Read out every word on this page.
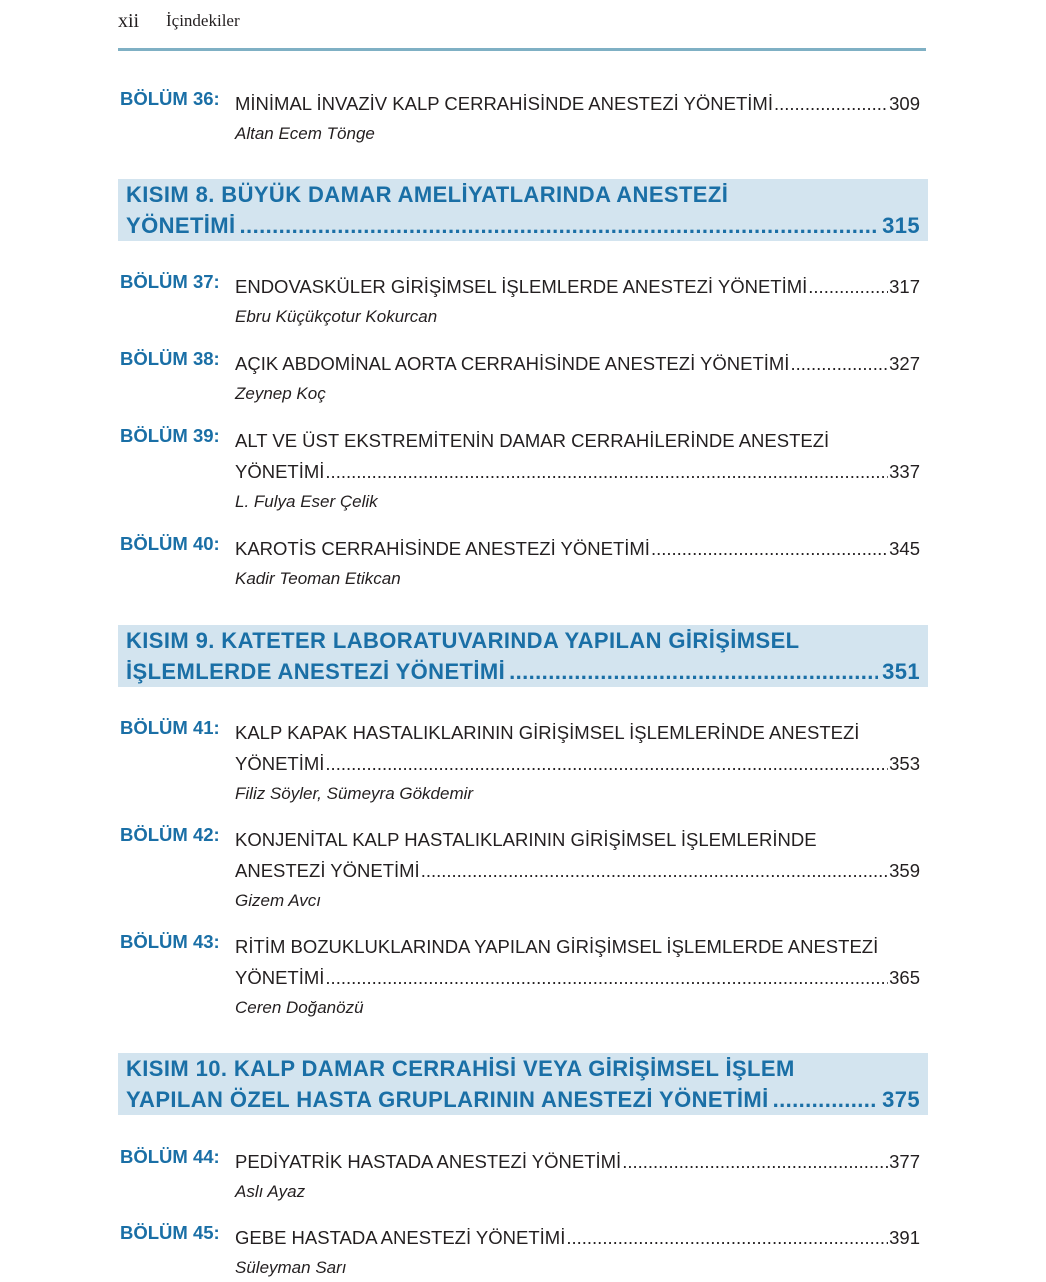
xii İçindekiler
BÖLÜM 36: MİNİMAL İNVAZİV KALP CERRAHİSİNDE ANESTEZİ YÖNETİMİ .....	309
Altan Ecem Tönge
KISIM 8. BÜYÜK DAMAR AMELİYATLARINDA ANESTEZİ
YÖNETİMİ .....	315
BÖLÜM 37: ENDOVASKÜLER GİRİŞİMSEL İŞLEMLERDE ANESTEZİ YÖNETİMİ .....	317
Ebru Küçükçotur Kokurcan
BÖLÜM 38: AÇIK ABDOMİNAL AORTA CERRAHİSİNDE ANESTEZİ YÖNETİMİ .....	327
Zeynep Koç
BÖLÜM 39: ALT VE ÜST EKSTREMİTENİN DAMAR CERRAHİLERİNDE ANESTEZİ
YÖNETİMİ .....	337
L. Fulya Eser Çelik
BÖLÜM 40: KAROTİS CERRAHİSİNDE ANESTEZİ YÖNETİMİ .....	345
Kadir Teoman Etikcan
KISIM 9. KATETER LABORATUVARINDA YAPILAN GİRİŞİMSEL
İŞLEMLERDE ANESTEZİ YÖNETİMİ .....	351
BÖLÜM 41: KALP KAPAK HASTALIKLARININ GİRİŞİMSEL İŞLEMLERİNDE ANESTEZİ
YÖNETİMİ .....	353
Filiz Söyler, Sümeyra Gökdemir
BÖLÜM 42: KONJENİTAL KALP HASTALIKLARININ GİRİŞİMSEL İŞLEMLERİNDE
ANESTEZİ YÖNETİMİ .....	359
Gizem Avcı
BÖLÜM 43: RİTİM BOZUKLUKLARINDA YAPILAN GİRİŞİMSEL İŞLEMLERDE ANESTEZİ
YÖNETİMİ .....	365
Ceren Doğanözü
KISIM 10. KALP DAMAR CERRAHİSİ VEYA GİRİŞİMSEL İŞLEM
YAPILAN ÖZEL HASTA GRUPLARININ ANESTEZİ YÖNETİMİ .....	375
BÖLÜM 44: PEDİYATRİK HASTADA ANESTEZİ YÖNETİMİ .....	377
Aslı Ayaz
BÖLÜM 45: GEBE HASTADA ANESTEZİ YÖNETİMİ .....	391
Süleyman Sarı
